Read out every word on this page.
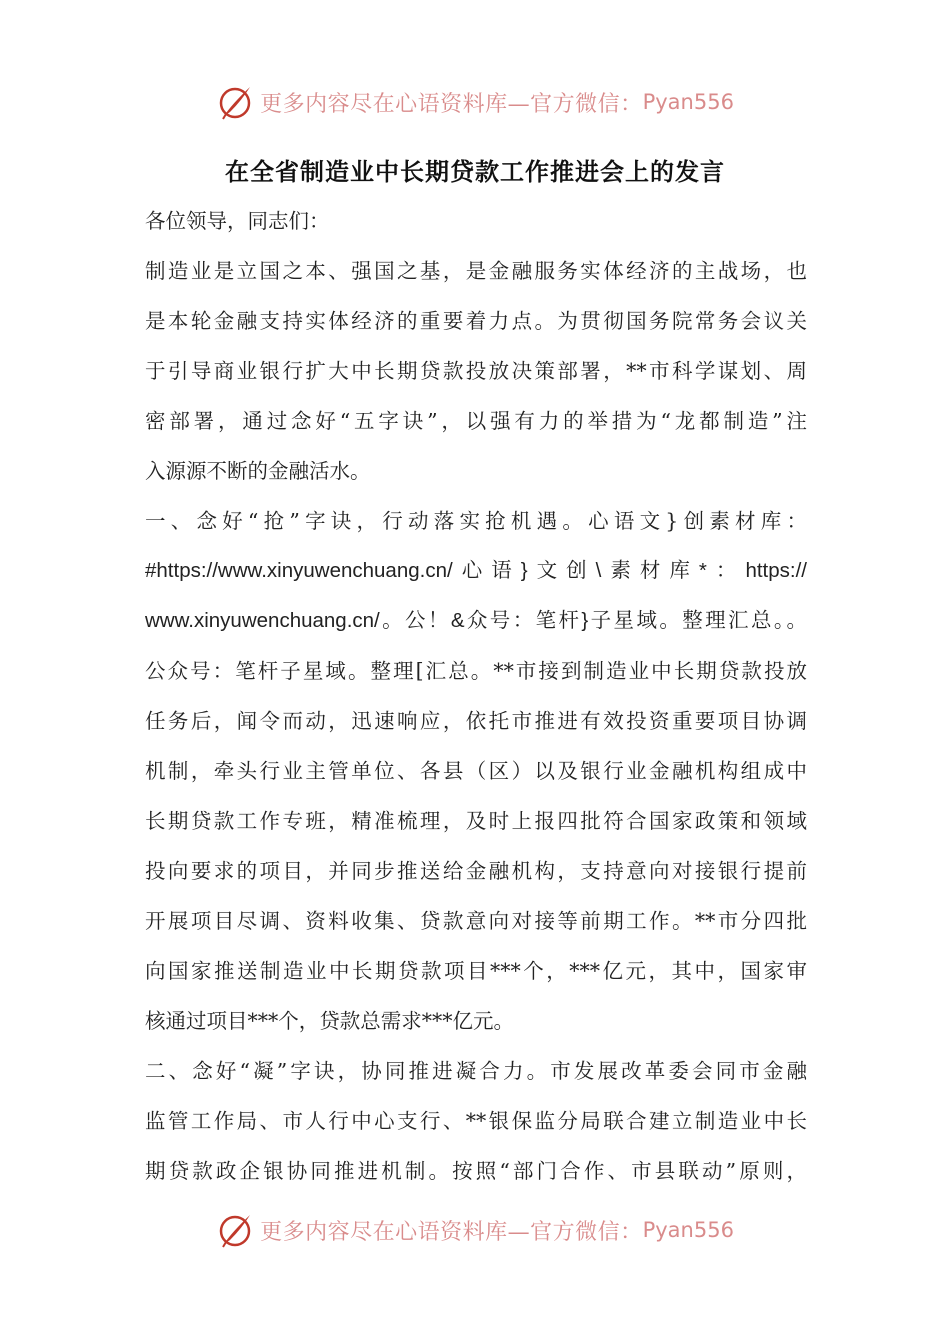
更多内容尽在心语资料库—官方微信： Pyan556
在全省制造业中长期贷款工作推进会上的发言
各位领导，同志们：
制造业是立国之本、强国之基，是金融服务实体经济的主战场，也
是本轮金融支持实体经济的重要着力点。为贯彻国务院常务会议关
于引导商业银行扩大中长期贷款投放决策部署，**市科学谋划、周
密部署，通过念好“五字诀”，以强有力的举措为“龙都制造”注
入源源不断的金融活水。
一、念好“抢”字诀，行动落实抢机遇。心语文}创素材库：
#https://www.xinyuwenchuang.cn/心语}文创\素材库*：https://
www.xinyuwenchuang.cn/。公！&众号：笔杆}子星域。整理汇总。。
公众号：笔杆子星域。整理[汇总。**市接到制造业中长期贷款投放
任务后，闻令而动，迅速响应，依托市推进有效投资重要项目协调
机制，牵头行业主管单位、各县（区）以及银行业金融机构组成中
长期贷款工作专班，精准梳理，及时上报四批符合国家政策和领域
投向要求的项目，并同步推送给金融机构，支持意向对接银行提前
开展项目尽调、资料收集、贷款意向对接等前期工作。**市分四批
向国家推送制造业中长期贷款项目***个，***亿元，其中，国家审
核通过项目***个，贷款总需求***亿元。
二、念好“凝”字诀，协同推进凝合力。市发展改革委会同市金融
监管工作局、市人行中心支行、**银保监分局联合建立制造业中长
期贷款政企银协同推进机制。按照“部门合作、市县联动”原则，
更多内容尽在心语资料库—官方微信： Pyan556
